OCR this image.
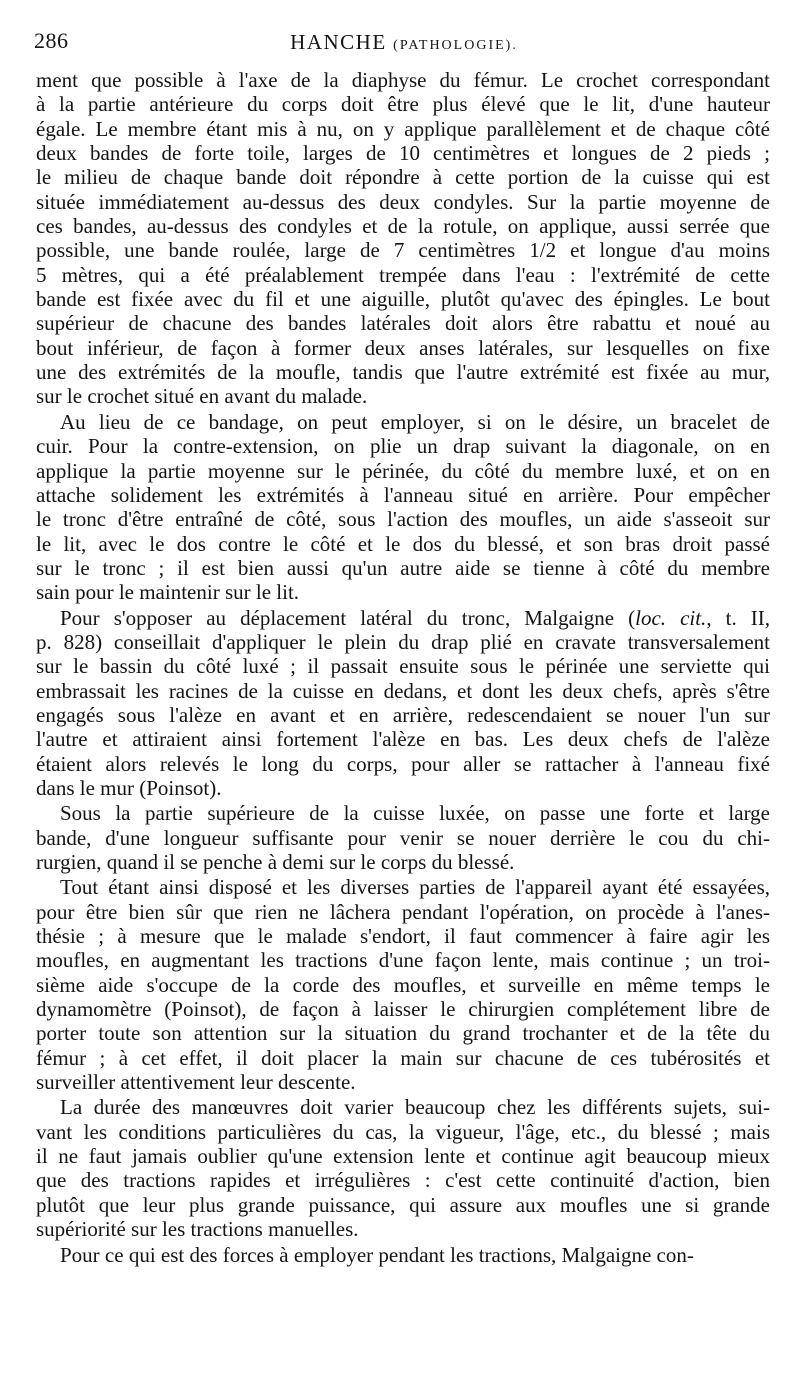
286	HANCHE (PATHOLOGIE).

ment que possible à l'axe de la diaphyse du fémur. Le crochet correspondant
à la partie antérieure du corps doit être plus élevé que le lit, d'une hauteur
égale. Le membre étant mis à nu, on y applique parallèlement et de chaque côté
deux bandes de forte toile, larges de 10 centimètres et longues de 2 pieds ;
le milieu de chaque bande doit répondre à cette portion de la cuisse qui est
située immédiatement au-dessus des deux condyles. Sur la partie moyenne de
ces bandes, au-dessus des condyles et de la rotule, on applique, aussi serrée que
possible, une bande roulée, large de 7 centimètres 1/2 et longue d'au moins
5 mètres, qui a été préalablement trempée dans l'eau : l'extrémité de cette
bande est fixée avec du fil et une aiguille, plutôt qu'avec des épingles. Le bout
supérieur de chacune des bandes latérales doit alors être rabattu et noué au
bout inférieur, de façon à former deux anses latérales, sur lesquelles on fixe
une des extrémités de la moufle, tandis que l'autre extrémité est fixée au mur,
sur le crochet situé en avant du malade.

Au lieu de ce bandage, on peut employer, si on le désire, un bracelet de
cuir. Pour la contre-extension, on plie un drap suivant la diagonale, on en
applique la partie moyenne sur le périnée, du côté du membre luxé, et on en
attache solidement les extrémités à l'anneau situé en arrière. Pour empêcher
le tronc d'être entraîné de côté, sous l'action des moufles, un aide s'asseoit sur
le lit, avec le dos contre le côté et le dos du blessé, et son bras droit passé
sur le tronc ; il est bien aussi qu'un autre aide se tienne à côté du membre
sain pour le maintenir sur le lit.

Pour s'opposer au déplacement latéral du tronc, Malgaigne (loc. cit., t. II,
p. 828) conseillait d'appliquer le plein du drap plié en cravate transversalement
sur le bassin du côté luxé ; il passait ensuite sous le périnée une serviette qui
embrassait les racines de la cuisse en dedans, et dont les deux chefs, après s'être
engagés sous l'alèze en avant et en arrière, redescendaient se nouer l'un sur
l'autre et attiraient ainsi fortement l'alèze en bas. Les deux chefs de l'alèze
étaient alors relevés le long du corps, pour aller se rattacher à l'anneau fixé
dans le mur (Poinsot).

Sous la partie supérieure de la cuisse luxée, on passe une forte et large
bande, d'une longueur suffisante pour venir se nouer derrière le cou du chi-
rurgien, quand il se penche à demi sur le corps du blessé.

Tout étant ainsi disposé et les diverses parties de l'appareil ayant été essayées,
pour être bien sûr que rien ne lâchera pendant l'opération, on procède à l'anes-
thésie ; à mesure que le malade s'endort, il faut commencer à faire agir les
moufles, en augmentant les tractions d'une façon lente, mais continue ; un troi-
sième aide s'occupe de la corde des moufles, et surveille en même temps le
dynamomètre (Poinsot), de façon à laisser le chirurgien complétement libre de
porter toute son attention sur la situation du grand trochanter et de la tête du
fémur ; à cet effet, il doit placer la main sur chacune de ces tubérosités et
surveiller attentivement leur descente.

La durée des manœuvres doit varier beaucoup chez les différents sujets, sui-
vant les conditions particulières du cas, la vigueur, l'âge, etc., du blessé ; mais
il ne faut jamais oublier qu'une extension lente et continue agit beaucoup mieux
que des tractions rapides et irrégulières : c'est cette continuité d'action, bien
plutôt que leur plus grande puissance, qui assure aux moufles une si grande
supériorité sur les tractions manuelles.

Pour ce qui est des forces à employer pendant les tractions, Malgaigne con-
